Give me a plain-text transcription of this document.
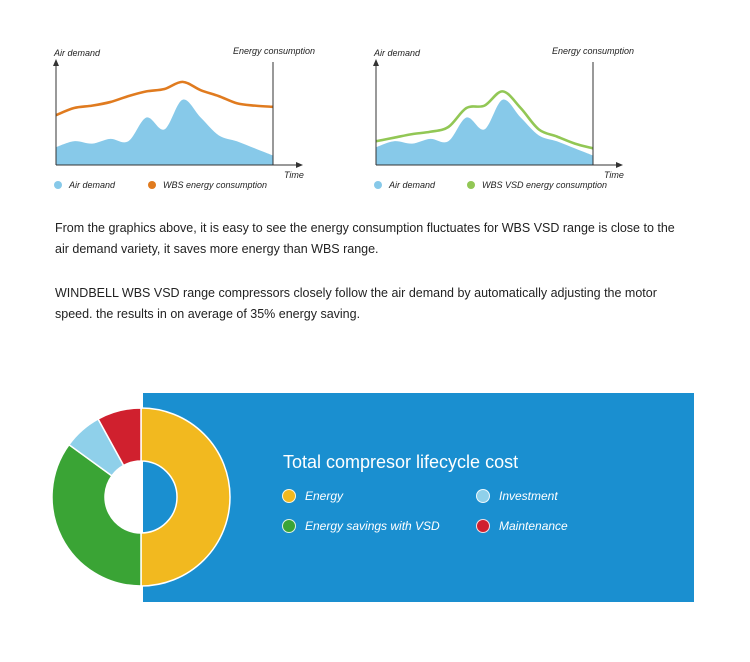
Air demand	Energy consumption
Time
Air demand	WBS energy consumption
Air demand	Energy consumption
Time
Air demand	WBS VSD energy consumption

From the graphics above, it is easy to see the energy consumption fluctuates for WBS VSD range is close to the air demand variety, it saves more energy than WBS range.

WINDBELL WBS VSD range compressors closely follow the air demand by automatically adjusting the motor speed. the results in on average of 35% energy saving.

Total compresor lifecycle cost
Energy
Energy savings with VSD
Investment
Maintenance
